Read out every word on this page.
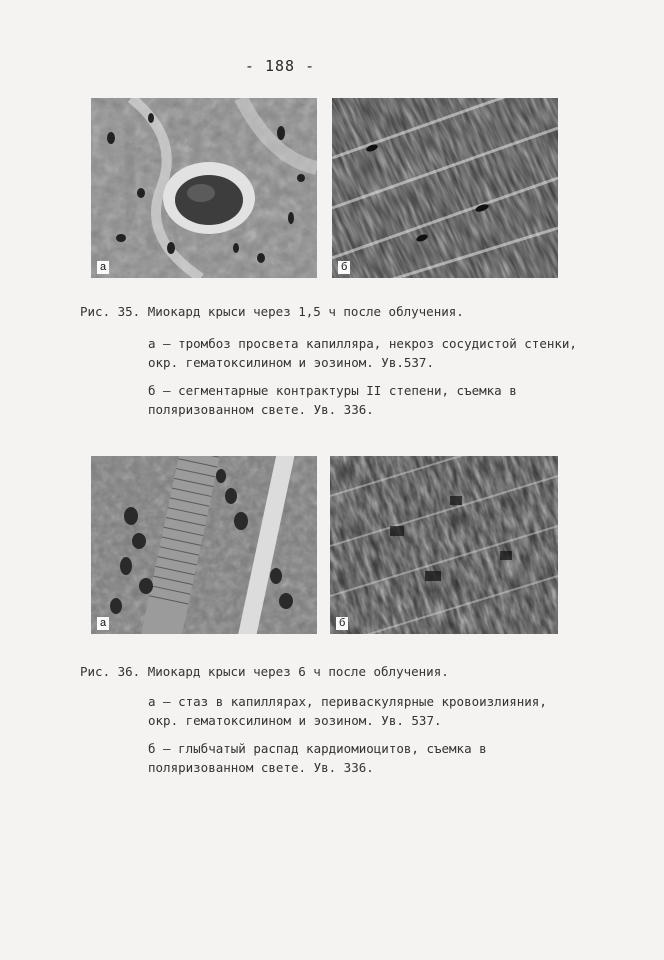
- 188 -
а	б
Рис. 35. Миокард крыси через 1,5 ч после облучения.
а – тромбоз просвета капилляра, некроз сосудистой стенки, окр. гематоксилином и эозином. Ув.537.
б – сегментарные контрактуры II степени, съемка в поляризованном свете. Ув. 336.
а	б
Рис. 36. Миокард крыси через 6 ч после облучения.
а – стаз в капиллярах, периваскулярные кровоизлияния, окр. гематоксилином и эозином. Ув. 537.
б – глыбчатый распад кардиомиоцитов, съемка в поляризованном свете. Ув. 336.
